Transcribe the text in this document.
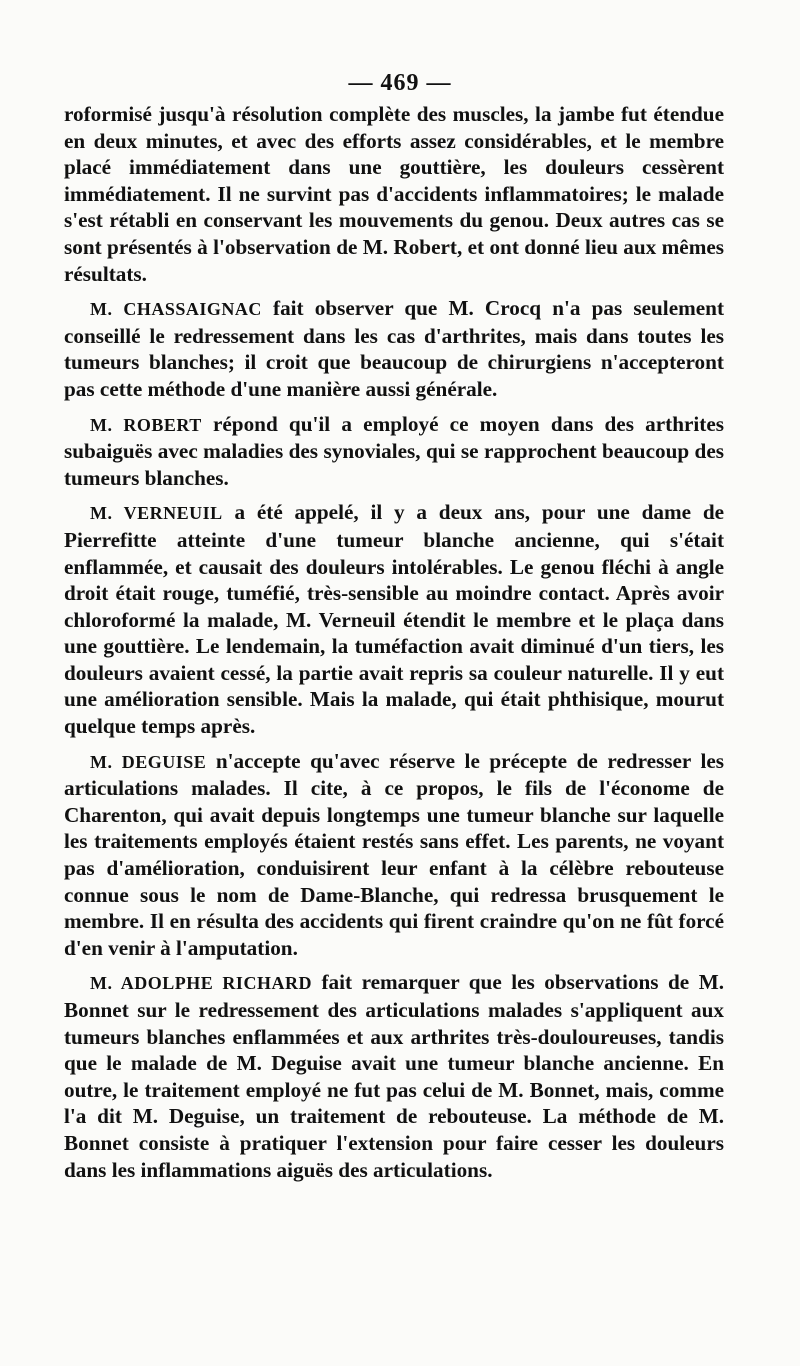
— 469 —

roformisé jusqu'à résolution complète des muscles, la jambe fut étendue en deux minutes, et avec des efforts assez considérables, et le membre placé immédiatement dans une gouttière, les douleurs cessèrent immédiatement. Il ne survint pas d'accidents inflammatoires; le malade s'est rétabli en conservant les mouvements du genou. Deux autres cas se sont présentés à l'observation de M. Robert, et ont donné lieu aux mêmes résultats.

M. CHASSAIGNAC fait observer que M. Crocq n'a pas seulement conseillé le redressement dans les cas d'arthrites, mais dans toutes les tumeurs blanches; il croit que beaucoup de chirurgiens n'accepteront pas cette méthode d'une manière aussi générale.

M. ROBERT répond qu'il a employé ce moyen dans des arthrites subaiguës avec maladies des synoviales, qui se rapprochent beaucoup des tumeurs blanches.

M. VERNEUIL a été appelé, il y a deux ans, pour une dame de Pierrefitte atteinte d'une tumeur blanche ancienne, qui s'était enflammée, et causait des douleurs intolérables. Le genou fléchi à angle droit était rouge, tuméfié, très-sensible au moindre contact. Après avoir chloroformé la malade, M. Verneuil étendit le membre et le plaça dans une gouttière. Le lendemain, la tuméfaction avait diminué d'un tiers, les douleurs avaient cessé, la partie avait repris sa couleur naturelle. Il y eut une amélioration sensible. Mais la malade, qui était phthisique, mourut quelque temps après.

M. DEGUISE n'accepte qu'avec réserve le précepte de redresser les articulations malades. Il cite, à ce propos, le fils de l'économe de Charenton, qui avait depuis longtemps une tumeur blanche sur laquelle les traitements employés étaient restés sans effet. Les parents, ne voyant pas d'amélioration, conduisirent leur enfant à la célèbre rebouteuse connue sous le nom de Dame-Blanche, qui redressa brusquement le membre. Il en résulta des accidents qui firent craindre qu'on ne fût forcé d'en venir à l'amputation.

M. ADOLPHE RICHARD fait remarquer que les observations de M. Bonnet sur le redressement des articulations malades s'appliquent aux tumeurs blanches enflammées et aux arthrites très-douloureuses, tandis que le malade de M. Deguise avait une tumeur blanche ancienne. En outre, le traitement employé ne fut pas celui de M. Bonnet, mais, comme l'a dit M. Deguise, un traitement de rebouteuse. La méthode de M. Bonnet consiste à pratiquer l'extension pour faire cesser les douleurs dans les inflammations aiguës des articulations.
